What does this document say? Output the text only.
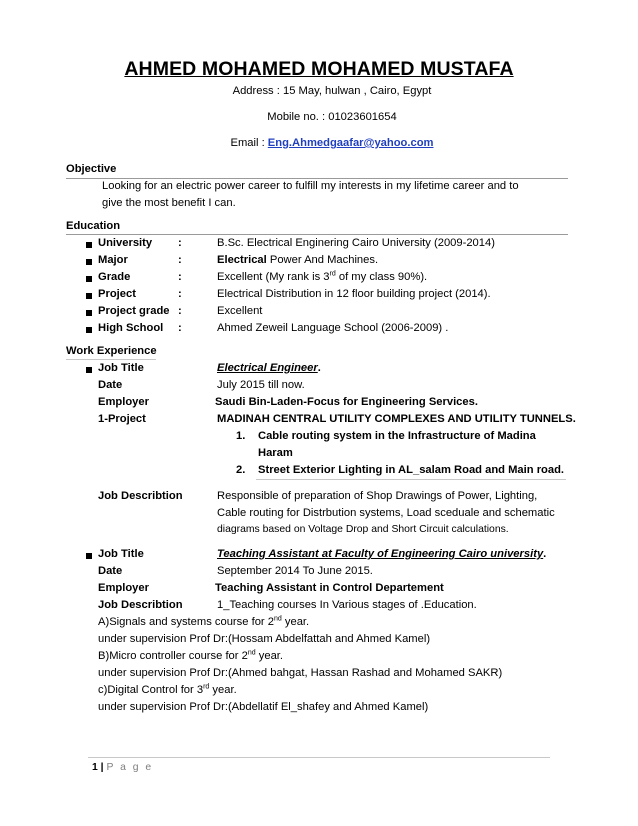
AHMED MOHAMED MOHAMED MUSTAFA
Address : 15 May, hulwan , Cairo, Egypt
Mobile no. : 01023601654
Email : Eng.Ahmedgaafar@yahoo.com
Objective
Looking for an electric power career to fulfill my interests in my lifetime career and to
give the most benefit I can.
Education
University :	B.Sc. Electrical Enginering Cairo University (2009-2014)
Major	:	Electrical Power And Machines.
Grade	:	Excellent (My rank is 3rd of my class 90%).
Project	:	Electrical Distribution in 12 floor building project (2014).
Project grade :	Excellent
High School :	Ahmed Zeweil Language School (2006-2009) .
Work Experience
Job Title	Electrical Engineer.
Date	July 2015 till now.
Employer	Saudi Bin-Laden-Focus for Engineering Services.
1-Project	MADINAH CENTRAL UTILITY COMPLEXES AND UTILITY TUNNELS.
1. Cable routing system in the Infrastructure of Madina
Haram
2. Street Exterior Lighting in AL_salam Road and Main road.
Job Describtion	Responsible of preparation of Shop Drawings of Power, Lighting,
Cable routing for Distrbution systems, Load sceduale and schematic
diagrams based on Voltage Drop and Short Circuit calculations.
Job Title	Teaching Assistant at Faculty of Engineering Cairo university.
Date	September 2014 To June 2015.
Employer	Teaching Assistant in Control Departement
Job Describtion	1_Teaching courses In Various stages of .Education.
A)Signals and systems course for 2nd year.
under supervision Prof Dr:(Hossam Abdelfattah and Ahmed Kamel)
B)Micro controller course for 2nd year.
under supervision Prof Dr:(Ahmed bahgat, Hassan Rashad and Mohamed SAKR)
c)Digital Control for 3rd year.
under supervision Prof Dr:(Abdellatif El_shafey and Ahmed Kamel)
1 | P a g e
